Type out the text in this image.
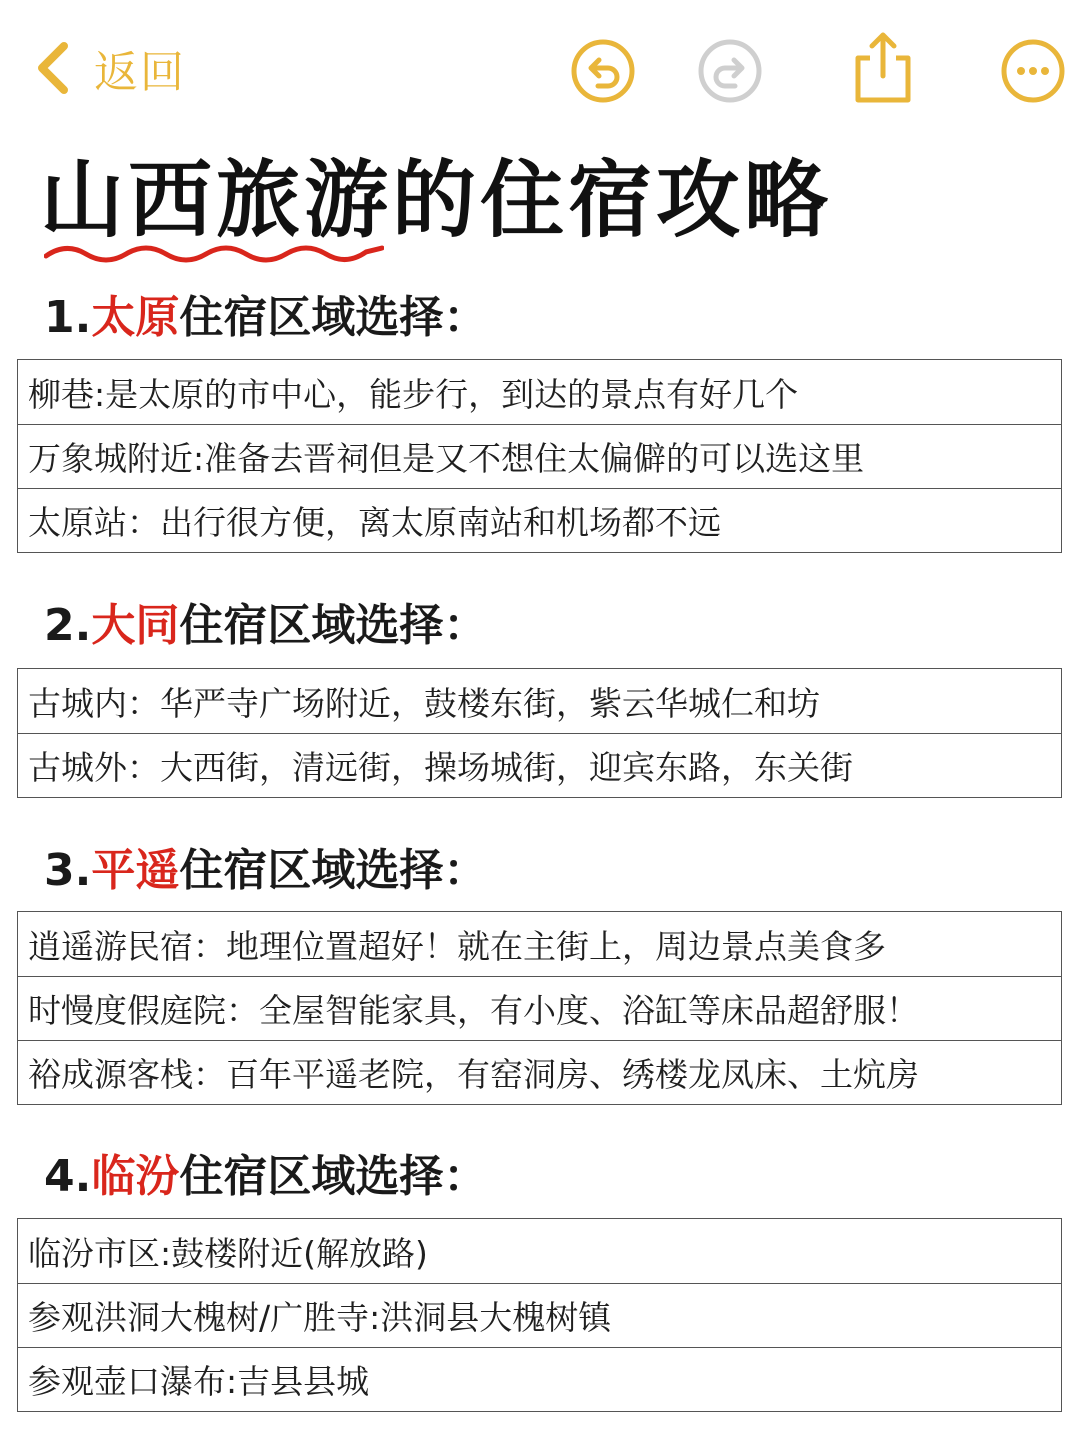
返回
山西旅游的住宿攻略
1.太原住宿区域选择：
柳巷:是太原的市中心，能步行，到达的景点有好几个
万象城附近:准备去晋祠但是又不想住太偏僻的可以选这里
太原站：出行很方便，离太原南站和机场都不远
2.大同住宿区域选择：
古城内：华严寺广场附近，鼓楼东街，紫云华城仁和坊
古城外：大西街，清远街，操场城街，迎宾东路，东关街
3.平遥住宿区域选择：
逍遥游民宿：地理位置超好！就在主街上，周边景点美食多
时慢度假庭院：全屋智能家具，有小度、浴缸等床品超舒服！
裕成源客栈：百年平遥老院，有窑洞房、绣楼龙凤床、土炕房
4.临汾住宿区域选择：
临汾市区:鼓楼附近(解放路)
参观洪洞大槐树/广胜寺:洪洞县大槐树镇
参观壶口瀑布:吉县县城
